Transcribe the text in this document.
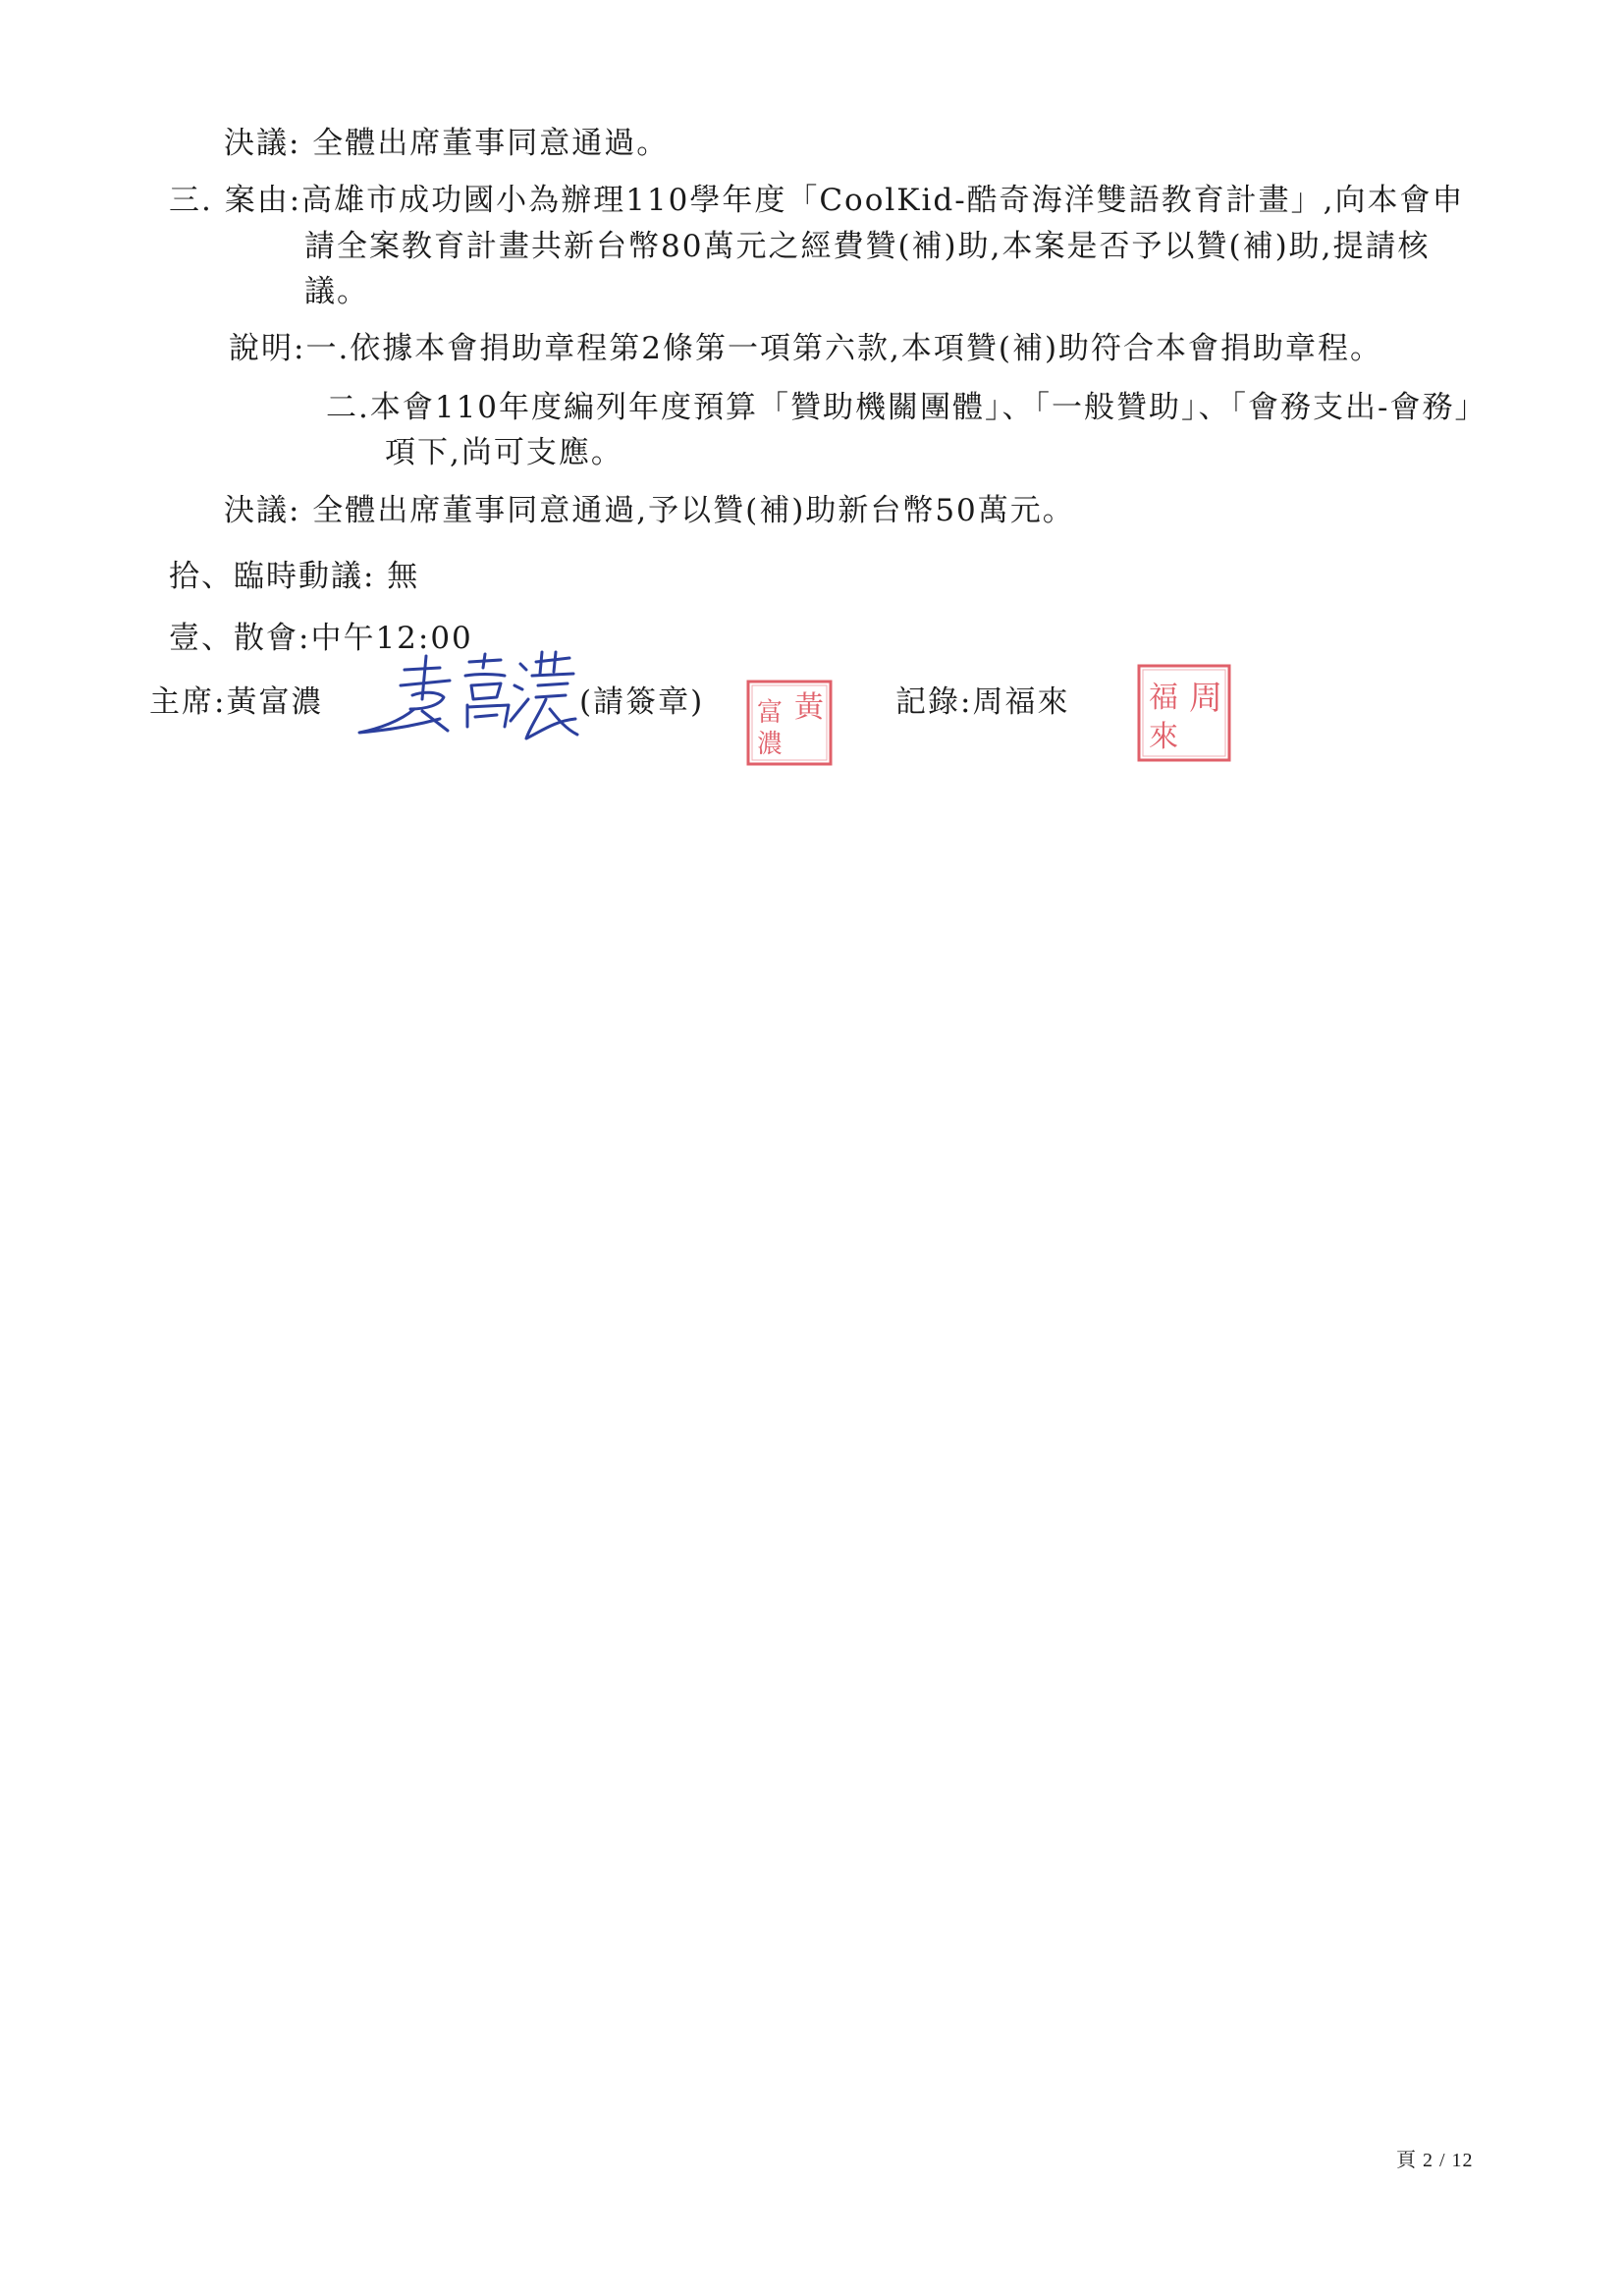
決議: 全體出席董事同意通過。
三. 案由:高雄市成功國小為辦理110學年度「CoolKid-酷奇海洋雙語教育計畫」,向本會申
請全案教育計畫共新台幣80萬元之經費贊(補)助,本案是否予以贊(補)助,提請核
議。
說明:一.依據本會捐助章程第2條第一項第六款,本項贊(補)助符合本會捐助章程。
二.本會110年度編列年度預算「贊助機關團體」、「一般贊助」、「會務支出-會務」
項下,尚可支應。
決議: 全體出席董事同意通過,予以贊(補)助新台幣50萬元。
拾、臨時動議: 無
壹、散會:中午12:00
主席:黃富濃	(請簽章)	黃
富
濃
記錄:周福來	周
福
來
頁 2 / 12
